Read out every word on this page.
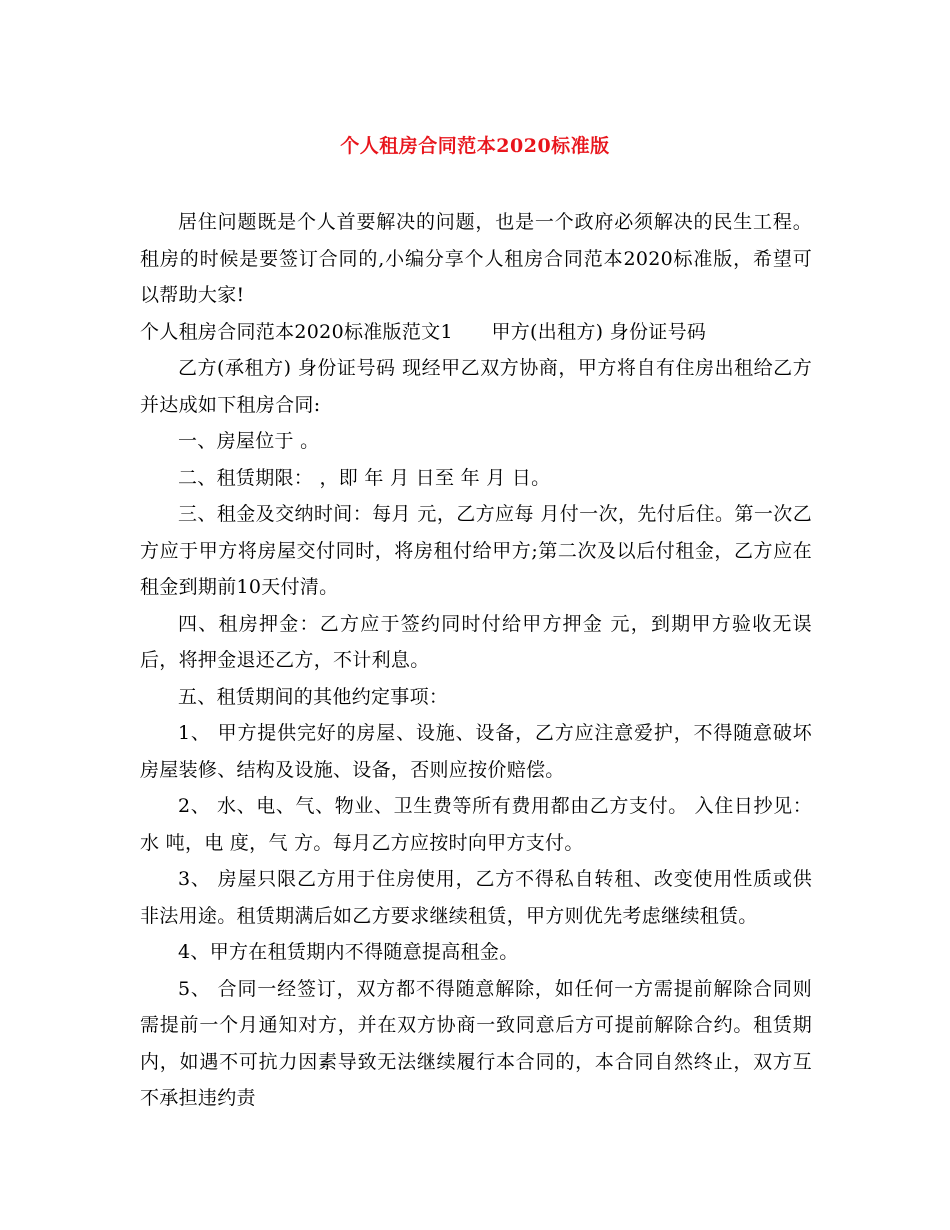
个人租房合同范本2020标准版

居住问题既是个人首要解决的问题，也是一个政府必须解决的民生工程。租房的时候是要签订合同的,小编分享个人租房合同范本2020标准版，希望可以帮助大家!

个人租房合同范本2020标准版范文1　　甲方(出租方) 身份证号码

乙方(承租方) 身份证号码 现经甲乙双方协商，甲方将自有住房出租给乙方并达成如下租房合同:

一、房屋位于 。

二、租赁期限： ，即 年 月 日至 年 月 日。

三、租金及交纳时间：每月 元，乙方应每 月付一次，先付后住。第一次乙方应于甲方将房屋交付同时，将房租付给甲方;第二次及以后付租金，乙方应在租金到期前10天付清。

四、租房押金：乙方应于签约同时付给甲方押金 元，到期甲方验收无误后，将押金退还乙方，不计利息。

五、租赁期间的其他约定事项：

1、 甲方提供完好的房屋、设施、设备，乙方应注意爱护，不得随意破坏房屋装修、结构及设施、设备，否则应按价赔偿。

2、 水、电、气、物业、卫生费等所有费用都由乙方支付。 入住日抄见：水 吨，电 度，气 方。每月乙方应按时向甲方支付。

3、 房屋只限乙方用于住房使用，乙方不得私自转租、改变使用性质或供非法用途。租赁期满后如乙方要求继续租赁，甲方则优先考虑继续租赁。

4、甲方在租赁期内不得随意提高租金。

5、 合同一经签订，双方都不得随意解除，如任何一方需提前解除合同则需提前一个月通知对方，并在双方协商一致同意后方可提前解除合约。租赁期内，如遇不可抗力因素导致无法继续履行本合同的，本合同自然终止，双方互不承担违约责
